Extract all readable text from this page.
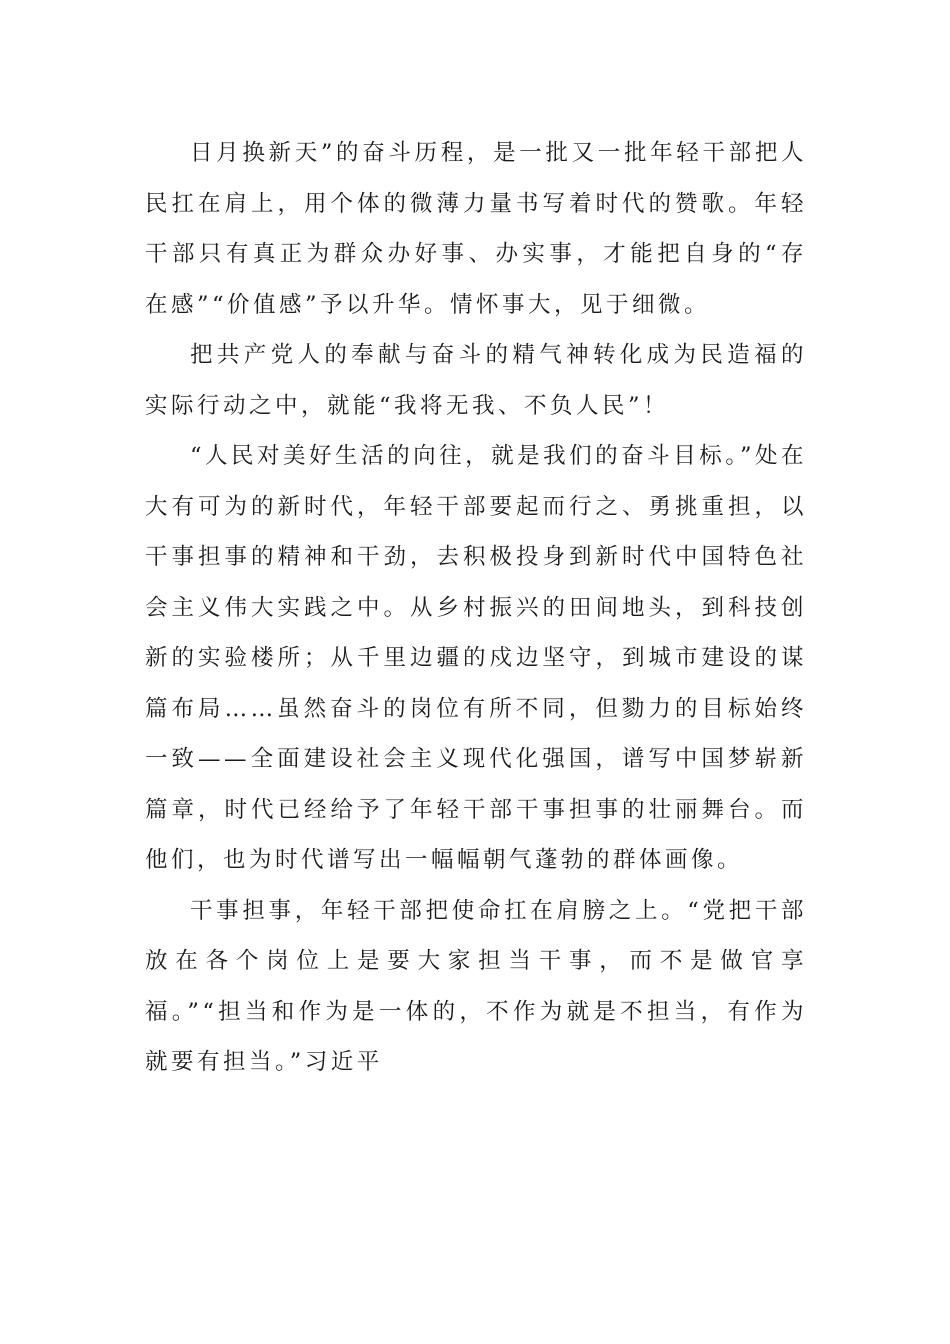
日月换新天”的奋斗历程，是一批又一批年轻干部把人民扛在肩上，用个体的微薄力量书写着时代的赞歌。年轻干部只有真正为群众办好事、办实事，才能把自身的“存在感”“价值感”予以升华。情怀事大，见于细微。

把共产党人的奉献与奋斗的精气神转化成为民造福的实际行动之中，就能“我将无我、不负人民”！

“人民对美好生活的向往，就是我们的奋斗目标。”处在大有可为的新时代，年轻干部要起而行之、勇挑重担，以干事担事的精神和干劲，去积极投身到新时代中国特色社会主义伟大实践之中。从乡村振兴的田间地头，到科技创新的实验楼所；从千里边疆的戍边坚守，到城市建设的谋篇布局……虽然奋斗的岗位有所不同，但勠力的目标始终一致——全面建设社会主义现代化强国，谱写中国梦崭新篇章，时代已经给予了年轻干部干事担事的壮丽舞台。而他们，也为时代谱写出一幅幅朝气蓬勃的群体画像。

干事担事，年轻干部把使命扛在肩膀之上。“党把干部放在各个岗位上是要大家担当干事，而不是做官享福。”“担当和作为是一体的，不作为就是不担当，有作为就要有担当。”习近平
